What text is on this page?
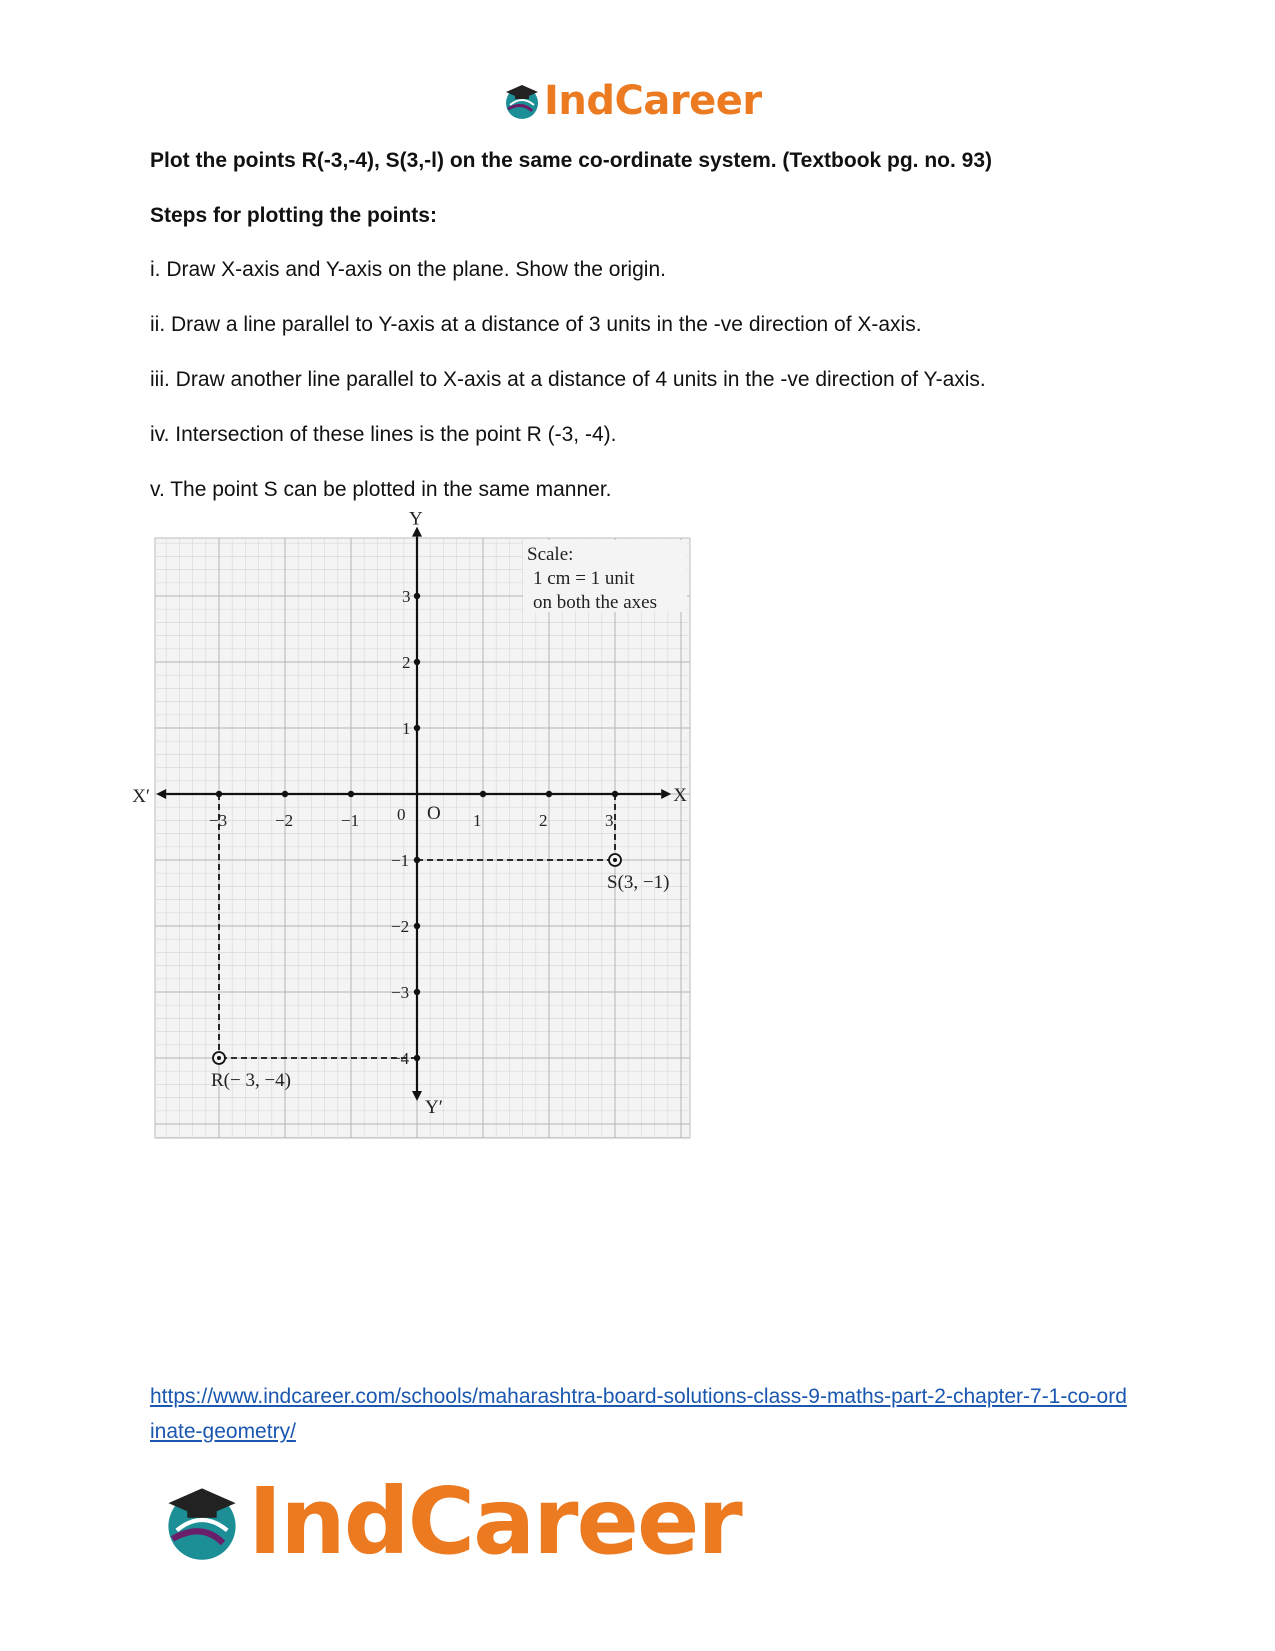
IndCareer
Plot the points R(-3,-4), S(3,-l) on the same co-ordinate system. (Textbook pg. no. 93)
Steps for plotting the points:
i. Draw X-axis and Y-axis on the plane. Show the origin.
ii. Draw a line parallel to Y-axis at a distance of 3 units in the -ve direction of X-axis.
iii. Draw another line parallel to X-axis at a distance of 4 units in the -ve direction of Y-axis.
iv. Intersection of these lines is the point R (-3, -4).
v. The point S can be plotted in the same manner.
−3	−2	−1	1	2	3
3
2
1
−1
−2
−3
−4
R(− 3, −4)
S(3, −1)
X
X′
Y
Y′
O
0
Scale:
1 cm = 1 unit
on both the axes
https://www.indcareer.com/schools/maharashtra-board-solutions-class-9-maths-part-2-chapter-7-1-co-ordinate-geometry/
IndCareer
